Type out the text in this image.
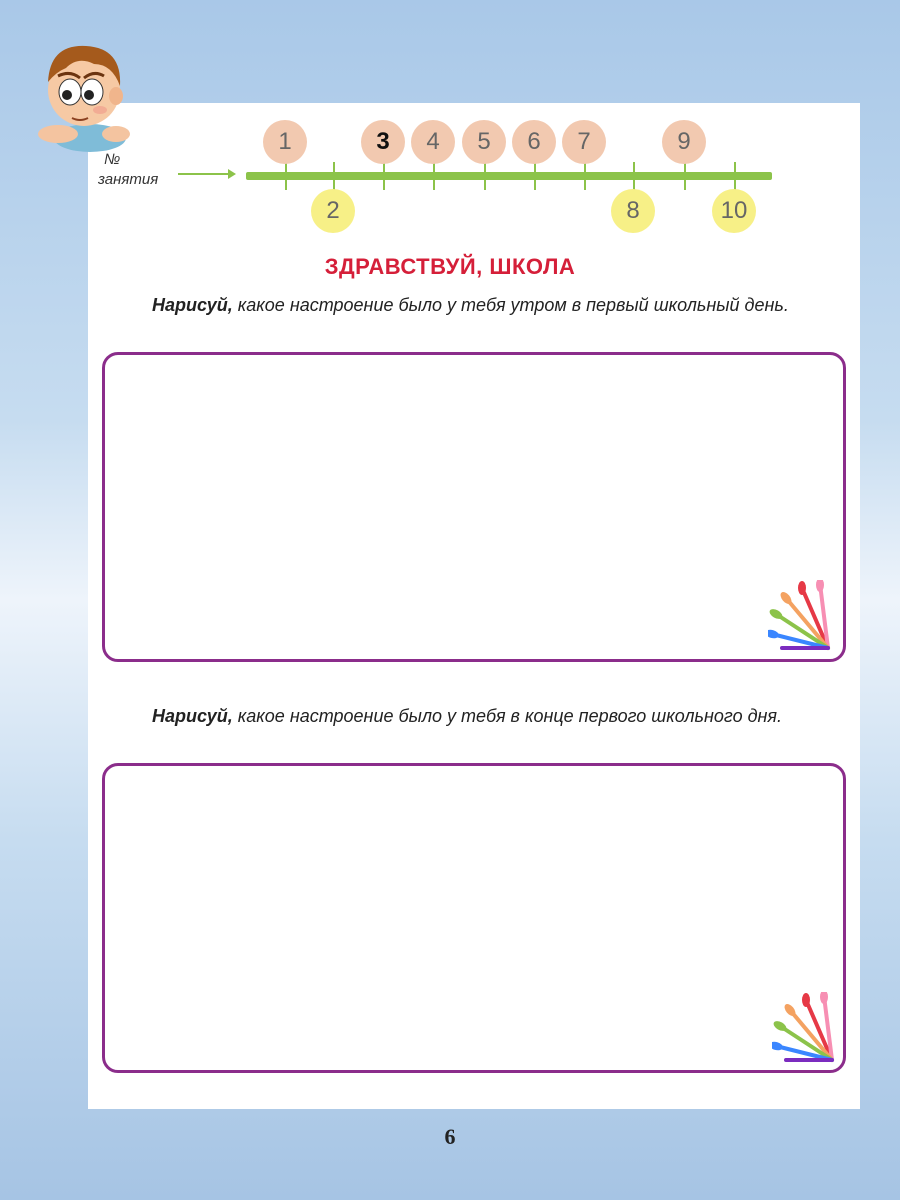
№
занятия
1	3	4	5	6	7	9
2	8	10
ЗДРАВСТВУЙ, ШКОЛА
Нарисуй, какое настроение было у тебя утром в первый школьный день.
Нарисуй, какое настроение было у тебя в конце первого школьного дня.
6
